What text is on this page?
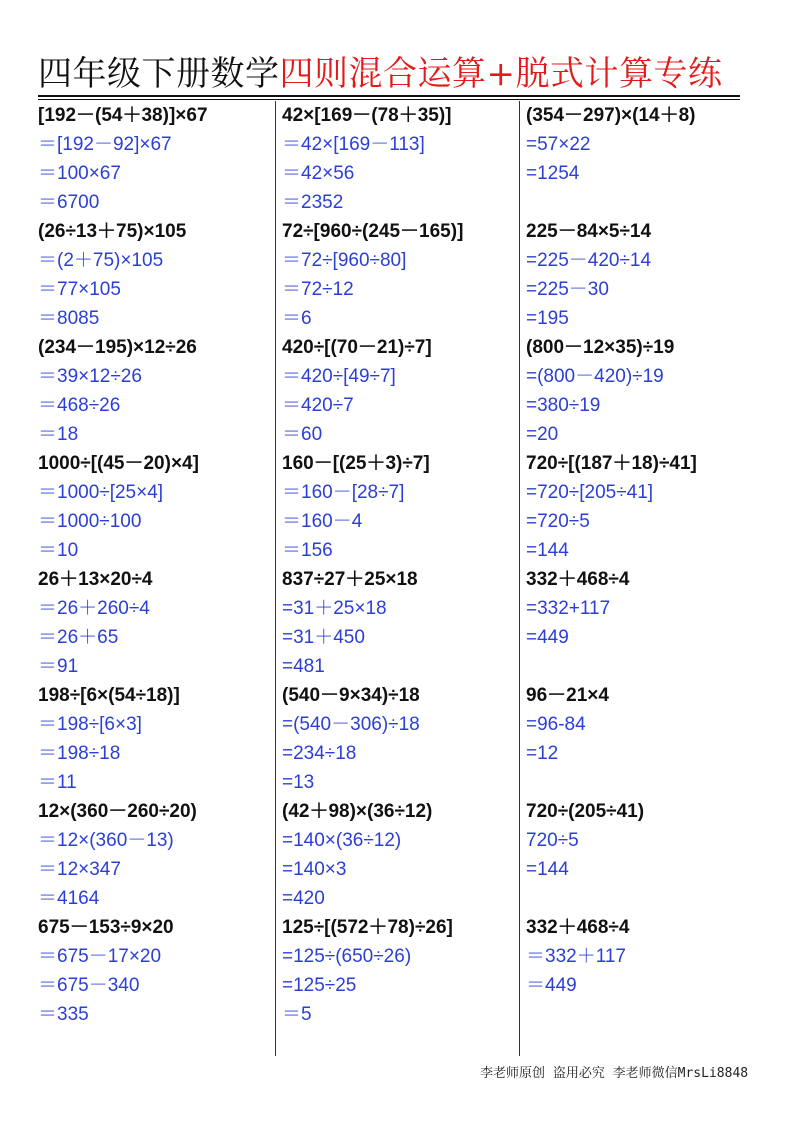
四年级下册数学四则混合运算+脱式计算专练
[192－(54＋38)]×67
＝[192－92]×67
＝100×67
＝6700
(26÷13＋75)×105
＝(2＋75)×105
＝77×105
＝8085
(234－195)×12÷26
＝39×12÷26
＝468÷26
＝18
1000÷[(45－20)×4]
＝1000÷[25×4]
＝1000÷100
＝10
26＋13×20÷4
＝26＋260÷4
＝26＋65
＝91
198÷[6×(54÷18)]
＝198÷[6×3]
＝198÷18
＝11
12×(360－260÷20)
＝12×(360－13)
＝12×347
＝4164
675－153÷9×20
＝675－17×20
＝675－340
＝335
42×[169－(78＋35)]
＝42×[169－113]
＝42×56
＝2352
72÷[960÷(245－165)]
＝72÷[960÷80]
＝72÷12
＝6
420÷[(70－21)÷7]
＝420÷[49÷7]
＝420÷7
＝60
160－[(25＋3)÷7]
＝160－[28÷7]
＝160－4
＝156
837÷27＋25×18
=31＋25×18
=31＋450
=481
(540－9×34)÷18
=(540－306)÷18
=234÷18
=13
(42＋98)×(36÷12)
=140×(36÷12)
=140×3
=420
125÷[(572＋78)÷26]
=125÷(650÷26)
=125÷25
＝5
(354－297)×(14＋8)
=57×22
=1254
225－84×5÷14
=225－420÷14
=225－30
=195
(800－12×35)÷19
=(800－420)÷19
=380÷19
=20
720÷[(187＋18)÷41]
=720÷[205÷41]
=720÷5
=144
332＋468÷4
=332+117
=449
96－21×4
=96-84
=12
720÷(205÷41)
720÷5
=144
332＋468÷4
＝332＋117
＝449
李老师原创 盗用必究 李老师微信MrsLi8848
